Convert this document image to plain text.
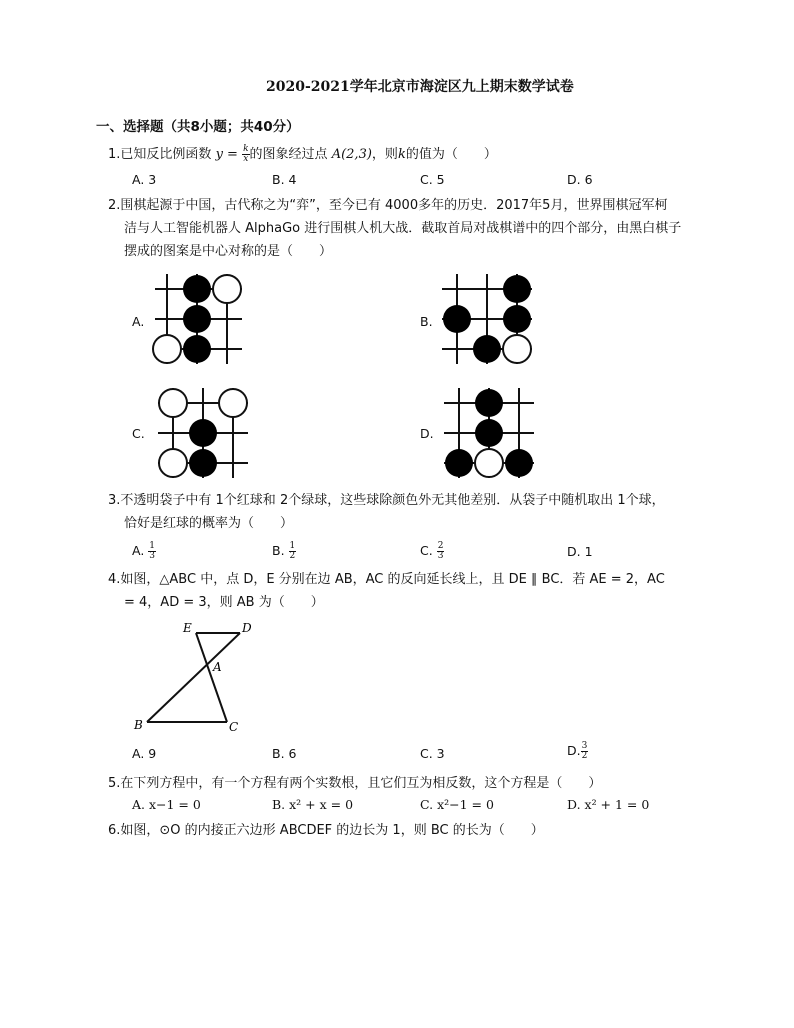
2020-2021学年北京市海淀区九上期末数学试卷
一、选择题（共8小题；共40分）
1.已知反比例函数 $y = \frac{k}{x}$ 的图象经过点 A(2,3)，则k的值为（　　）
A. 3	B. 4	C. 5	D. 6
2.围棋起源于中国，古代称之为“弈”，至今已有 4000多年的历史．2017年5月，世界围棋冠军柯
洁与人工智能机器人 AlphaGo 进行围棋人机大战．截取首局对战棋谱中的四个部分，由黑白棋子
摆成的图案是中心对称的是（　　）
A.	B.
C.	D.
3.不透明袋子中有 1个红球和 2个绿球，这些球除颜色外无其他差别．从袋子中随机取出 1个球，
恰好是红球的概率为（　　）
A. $\frac{1}{3}$	B. $\frac{1}{2}$	C. $\frac{2}{3}$	D. 1
4.如图，△ABC 中，点 D，E 分别在边 AB，AC 的反向延长线上，且 DE ∥ BC．若 AE = 2，AC
= 4，AD = 3，则 AB 为（　　）
E	D
A
B	C
A. 9	B. 6	C. 3	D. $\frac{3}{2}$
5.在下列方程中，有一个方程有两个实数根，且它们互为相反数，这个方程是（　　）
A. x−1 = 0	B. x² + x = 0	C. x²−1 = 0	D. x² + 1 = 0
6.如图，⊙O 的内接正六边形 ABCDEF 的边长为 1，则 BC 的长为（　　）
